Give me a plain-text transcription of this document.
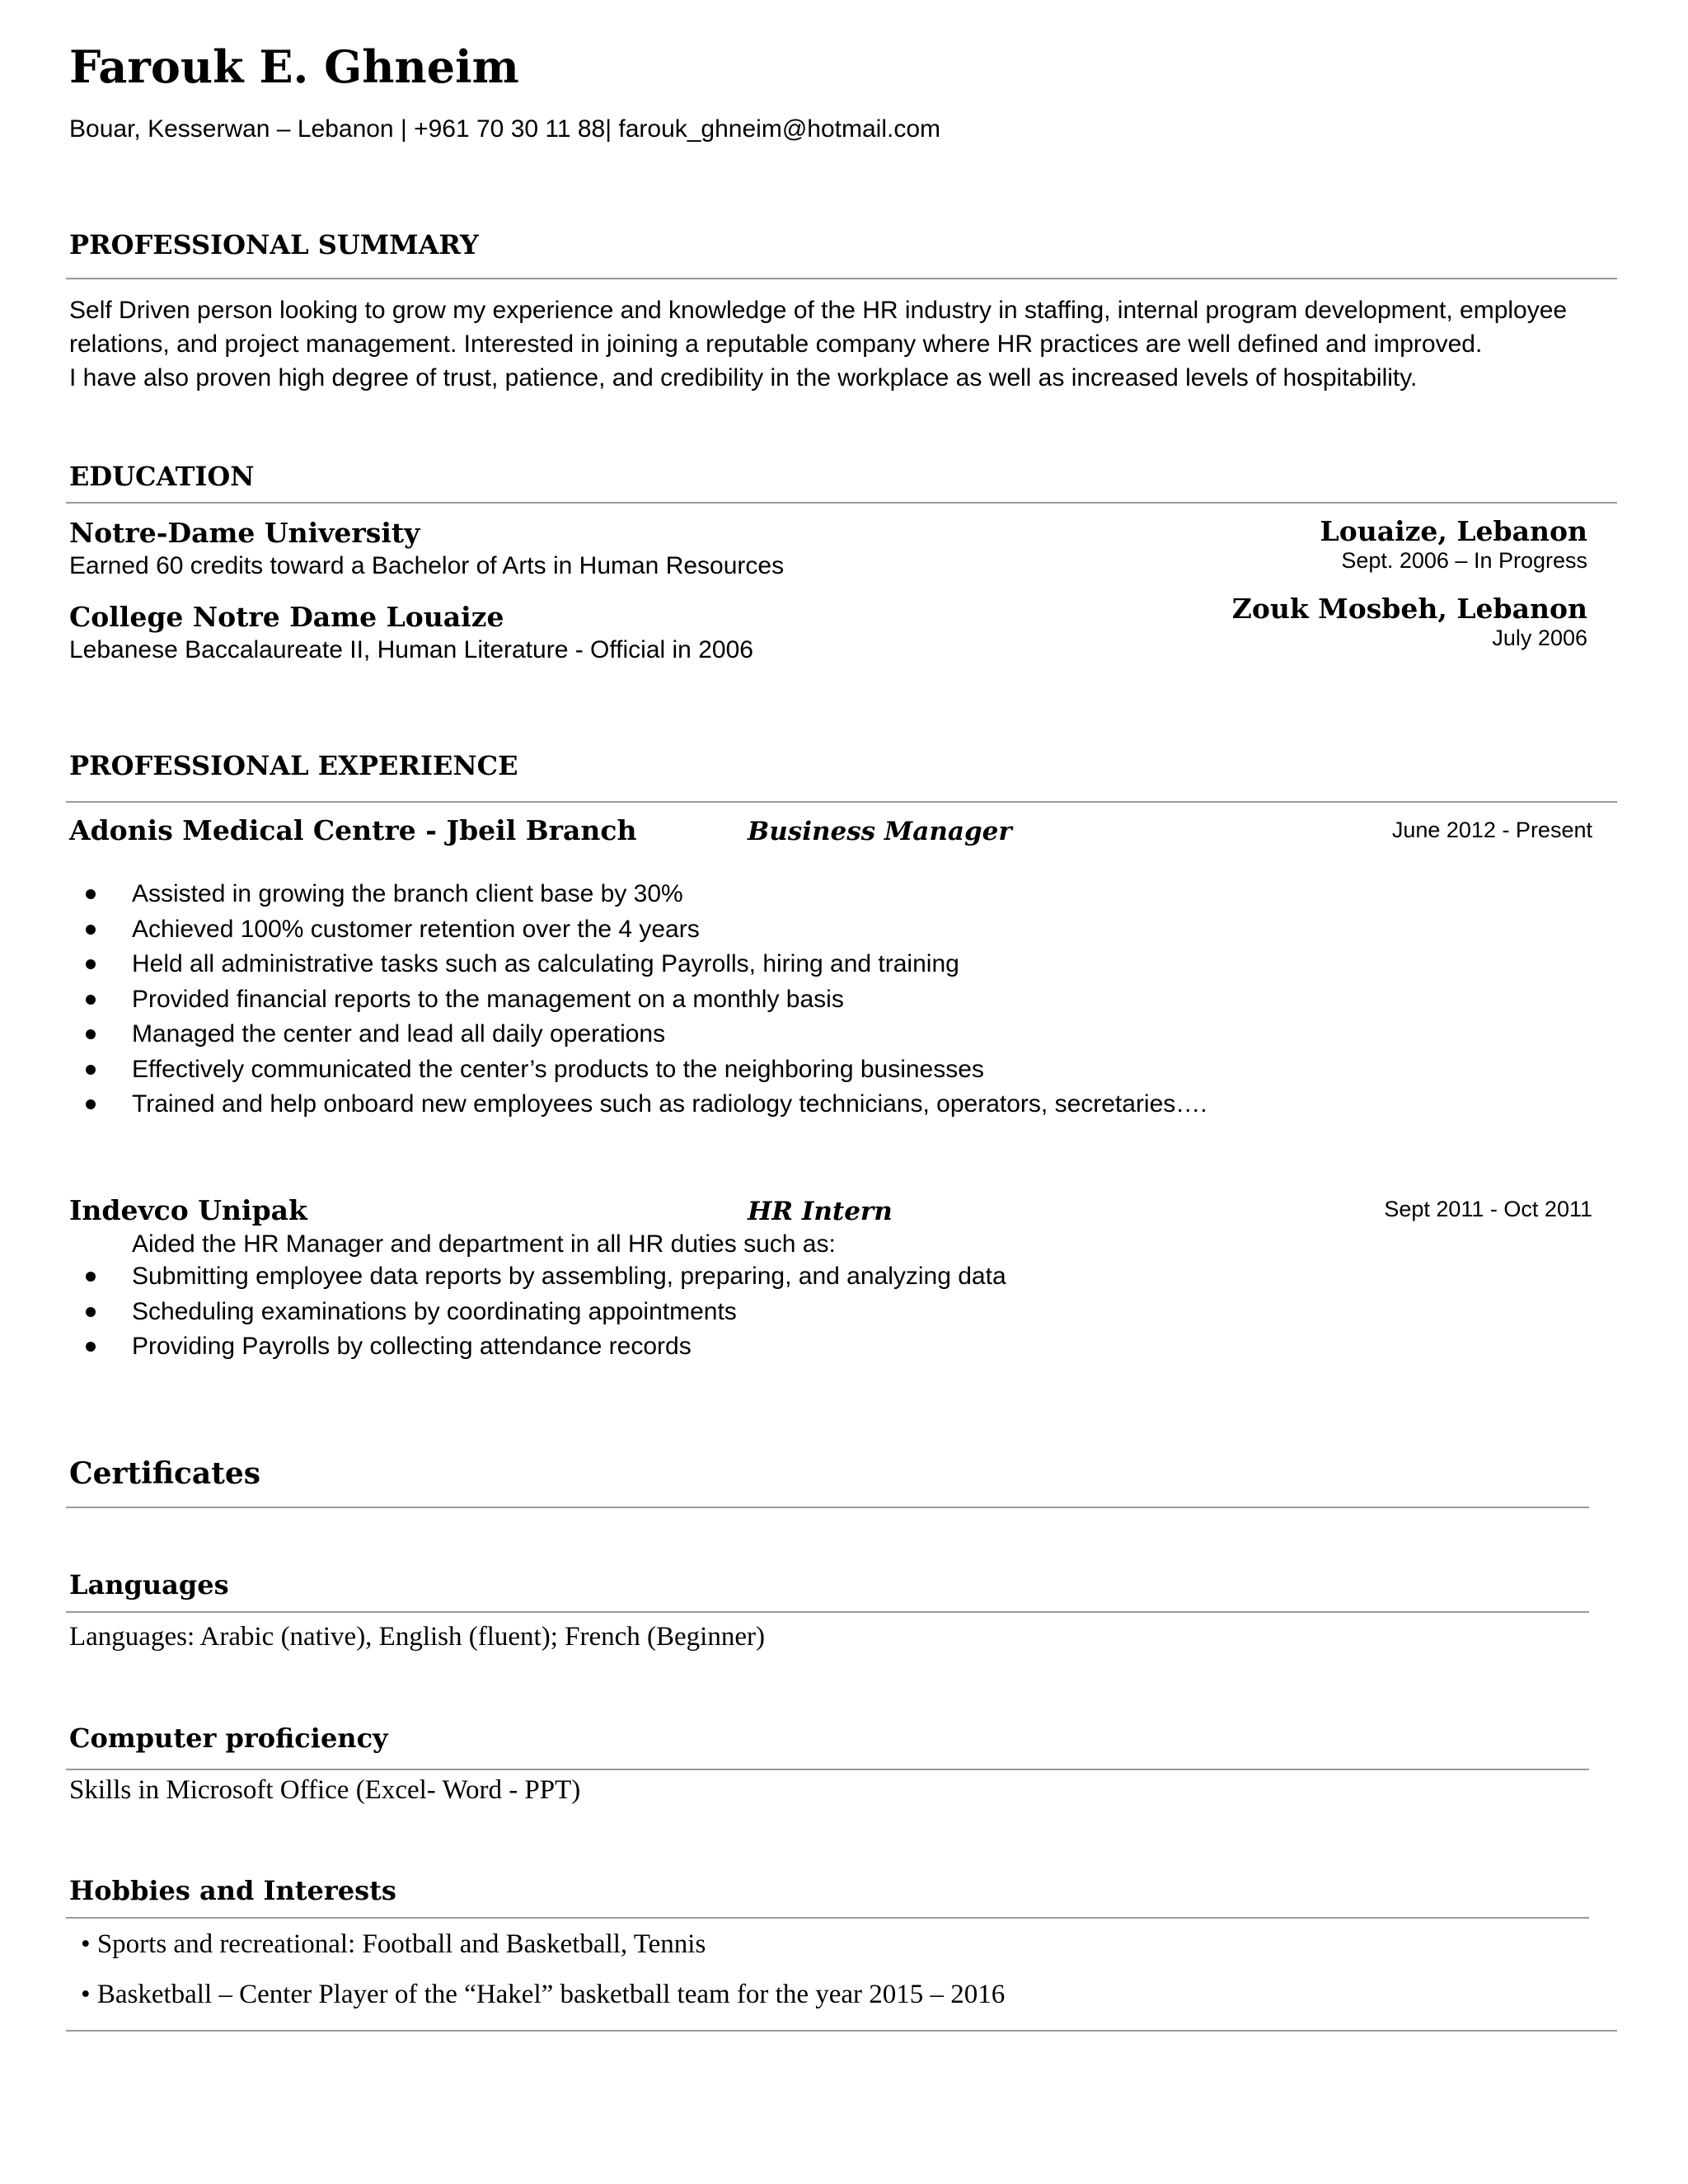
Farouk E. Ghneim
Bouar, Kesserwan – Lebanon | +961 70 30 11 88| farouk_ghneim@hotmail.com
PROFESSIONAL SUMMARY
Self Driven person looking to grow my experience and knowledge of the HR industry in staffing, internal program development, employee
relations, and project management. Interested in joining a reputable company where HR practices are well defined and improved.
I have also proven high degree of trust, patience, and credibility in the workplace as well as increased levels of hospitability.
EDUCATION
Notre-Dame University
Earned 60 credits toward a Bachelor of Arts in Human Resources
Louaize, Lebanon
Sept. 2006 – In Progress
College Notre Dame Louaize
Lebanese Baccalaureate II, Human Literature - Official in 2006
Zouk Mosbeh, Lebanon
July 2006
PROFESSIONAL EXPERIENCE
Adonis Medical Centre - Jbeil Branch	Business Manager	June 2012 - Present
Assisted in growing the branch client base by 30%
Achieved 100% customer retention over the 4 years
Held all administrative tasks such as calculating Payrolls, hiring and training
Provided financial reports to the management on a monthly basis
Managed the center and lead all daily operations
Effectively communicated the center’s products to the neighboring businesses
Trained and help onboard new employees such as radiology technicians, operators, secretaries….
Indevco Unipak	HR Intern	Sept 2011 - Oct 2011
Aided the HR Manager and department in all HR duties such as:
Submitting employee data reports by assembling, preparing, and analyzing data
Scheduling examinations by coordinating appointments
Providing Payrolls by collecting attendance records
Certificates
Languages
Languages: Arabic (native), English (fluent); French (Beginner)
Computer proficiency
Skills in Microsoft Office (Excel- Word - PPT)
Hobbies and Interests
• Sports and recreational: Football and Basketball, Tennis
• Basketball – Center Player of the “Hakel” basketball team for the year 2015 – 2016
